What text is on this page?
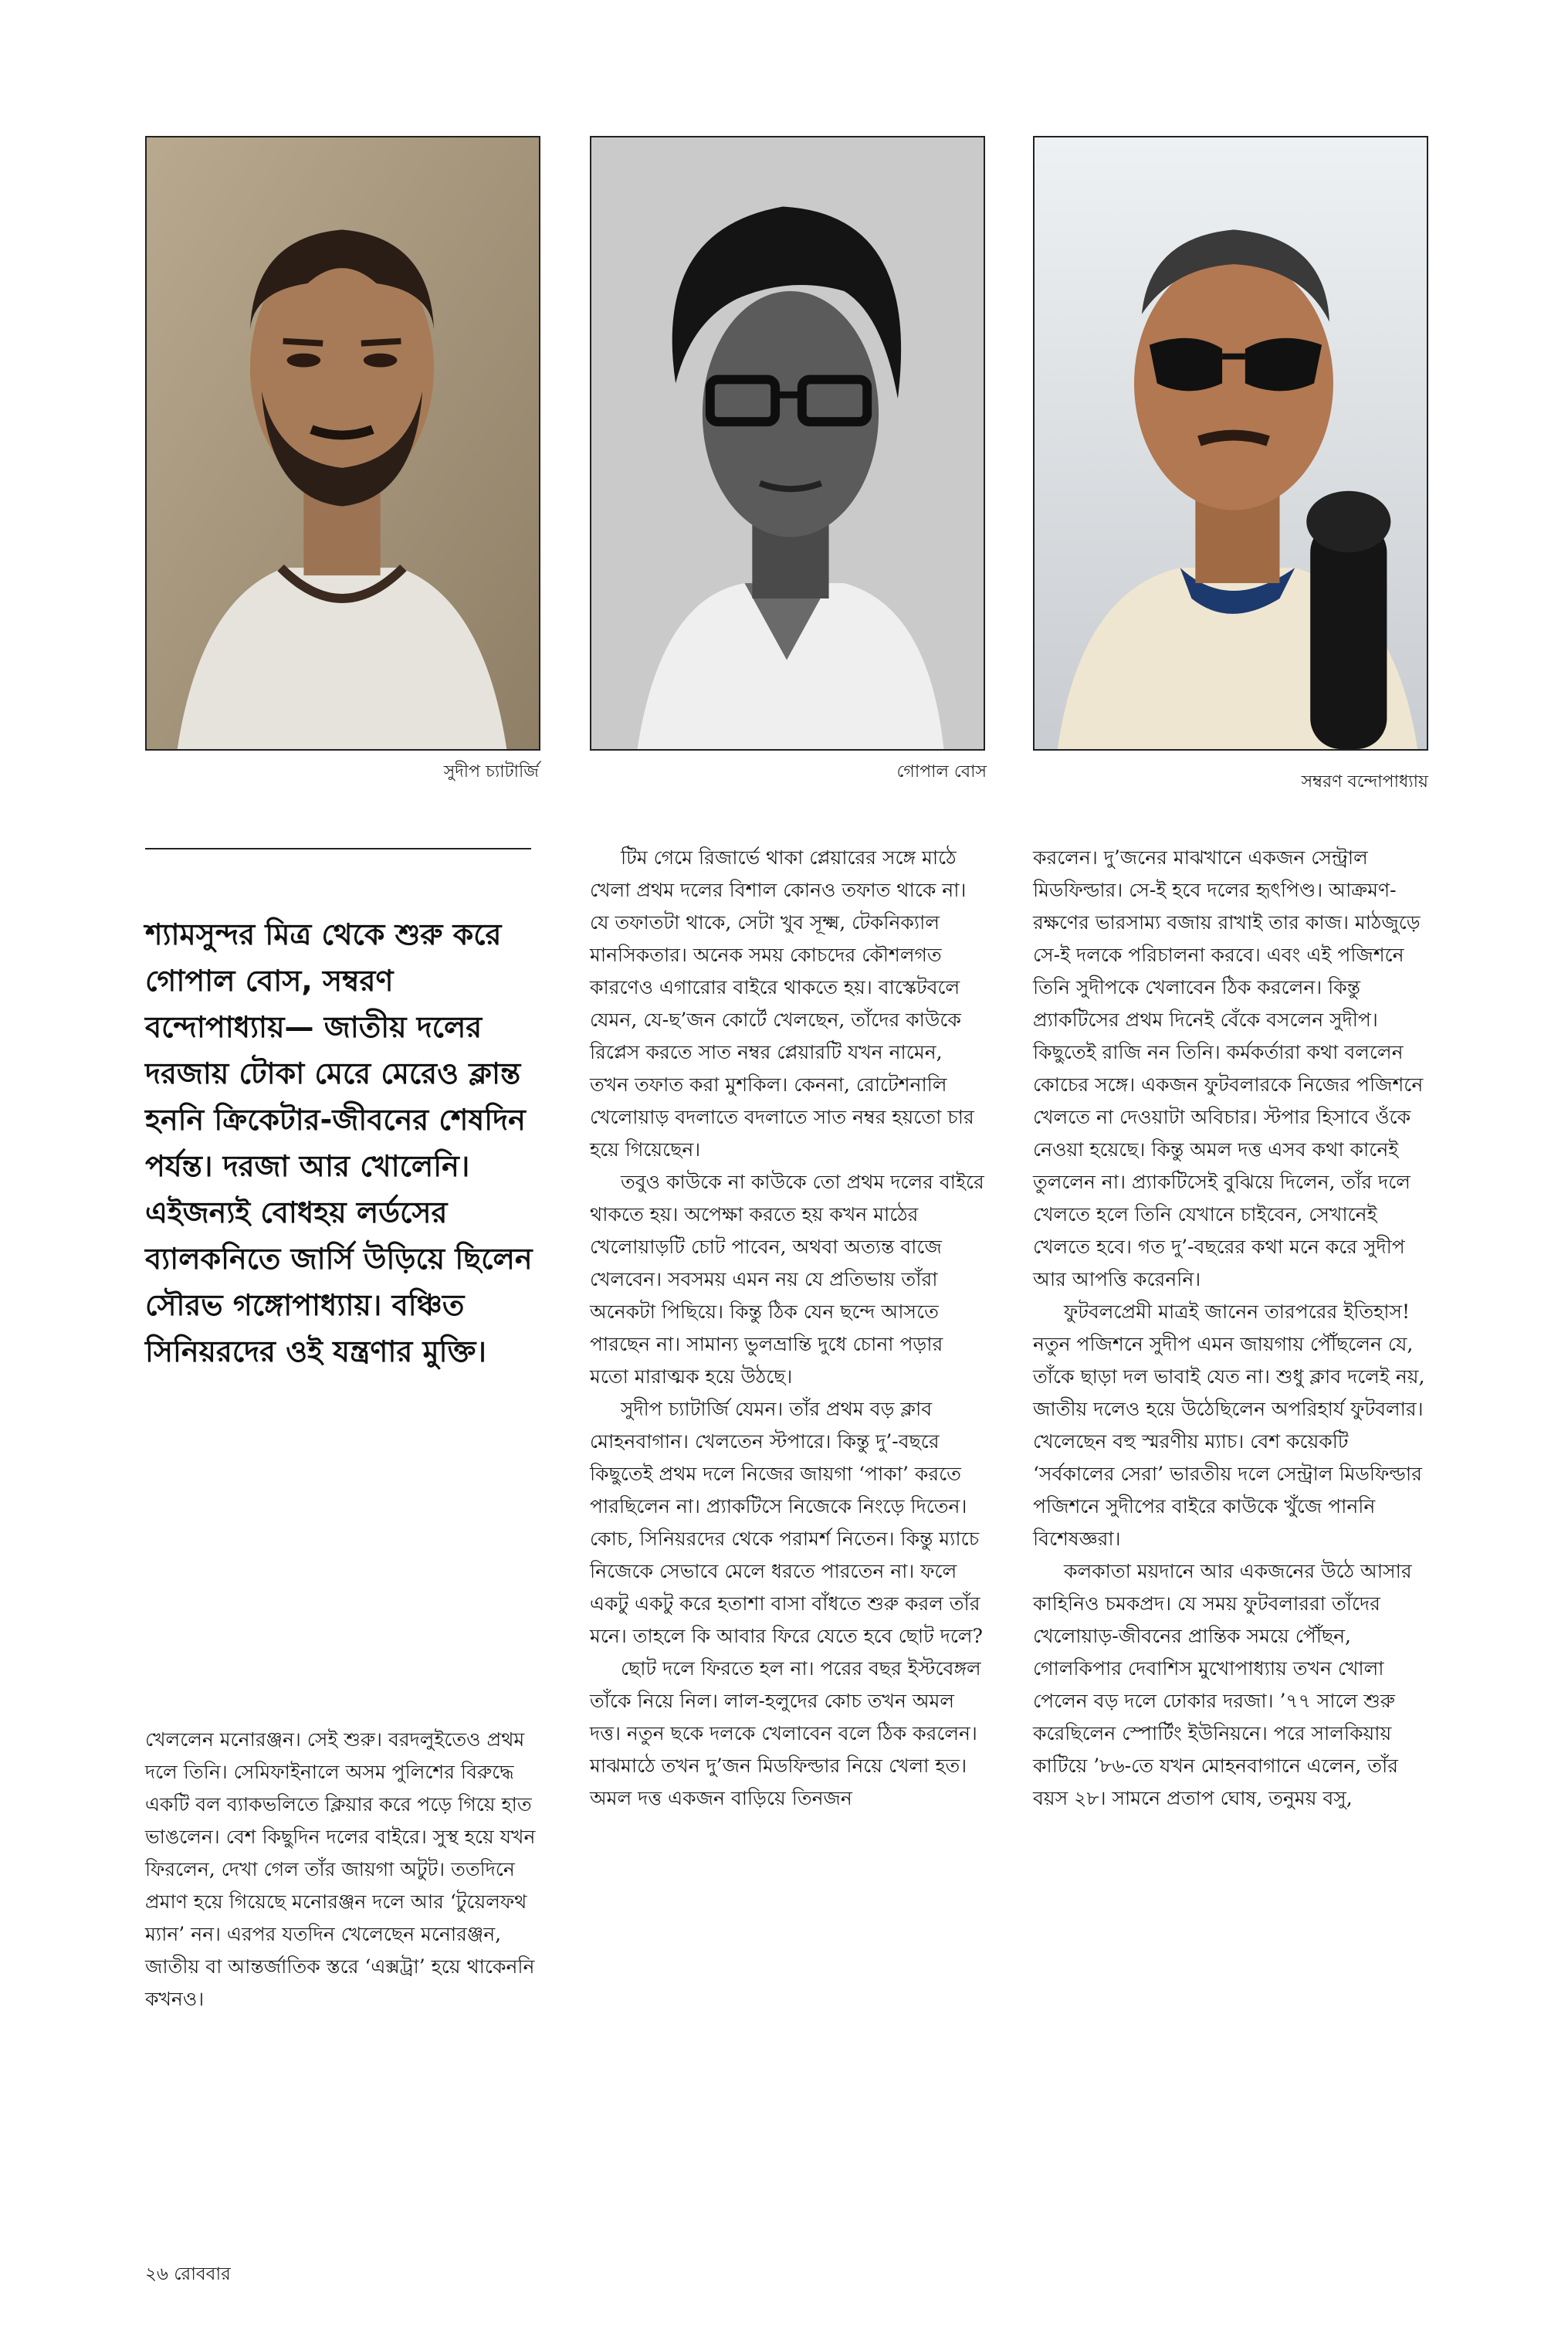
সুদীপ চ্যাটার্জি	গোপাল বোস
সম্বরণ বন্দোপাধ্যায়

শ্যামসুন্দর মিত্র থেকে শুরু করে গোপাল বোস, সম্বরণ বন্দোপাধ্যায়— জাতীয় দলের দরজায় টোকা মেরে মেরেও ক্লান্ত হননি ক্রিকেটার-জীবনের শেষদিন পর্যন্ত। দরজা আর খোলেনি। এইজন্যই বোধহয় লর্ডসের ব্যালকনিতে জার্সি উড়িয়ে ছিলেন সৌরভ গঙ্গোপাধ্যায়। বঞ্চিত সিনিয়রদের ওই যন্ত্রণার মুক্তি।

খেললেন মনোরঞ্জন। সেই শুরু। বরদলুইতেও প্রথম দলে তিনি। সেমিফাইনালে অসম পুলিশের বিরুদ্ধে একটি বল ব্যাকভলিতে ক্লিয়ার করে পড়ে গিয়ে হাত ভাঙলেন। বেশ কিছুদিন দলের বাইরে। সুস্থ হয়ে যখন ফিরলেন, দেখা গেল তাঁর জায়গা অটুট। ততদিনে প্রমাণ হয়ে গিয়েছে মনোরঞ্জন দলে আর ‘টুয়েলফথ ম্যান’ নন। এরপর যতদিন খেলেছেন মনোরঞ্জন, জাতীয় বা আন্তর্জাতিক স্তরে ‘এক্সট্রা’ হয়ে থাকেননি কখনও।

টিম গেমে রিজার্ভে থাকা প্লেয়ারের সঙ্গে মাঠে খেলা প্রথম দলের বিশাল কোনও তফাত থাকে না। যে তফাতটা থাকে, সেটা খুব সূক্ষ্ম, টেকনিক্যাল মানসিকতার। অনেক সময় কোচদের কৌশলগত কারণেও এগারোর বাইরে থাকতে হয়। বাস্কেটবলে যেমন, যে-ছ’জন কোর্টে খেলছেন, তাঁদের কাউকে রিপ্লেস করতে সাত নম্বর প্লেয়ারটি যখন নামেন, তখন তফাত করা মুশকিল। কেননা, রোটেশনালি খেলোয়াড় বদলাতে বদলাতে সাত নম্বর হয়তো চার হয়ে গিয়েছেন।

তবুও কাউকে না কাউকে তো প্রথম দলের বাইরে থাকতে হয়। অপেক্ষা করতে হয় কখন মাঠের খেলোয়াড়টি চোট পাবেন, অথবা অত্যন্ত বাজে খেলবেন। সবসময় এমন নয় যে প্রতিভায় তাঁরা অনেকটা পিছিয়ে। কিন্তু ঠিক যেন ছন্দে আসতে পারছেন না। সামান্য ভুলভ্রান্তি দুধে চোনা পড়ার মতো মারাত্মক হয়ে উঠছে।

সুদীপ চ্যাটার্জি যেমন। তাঁর প্রথম বড় ক্লাব মোহনবাগান। খেলতেন স্টপারে। কিন্তু দু’-বছরে কিছুতেই প্রথম দলে নিজের জায়গা ‘পাকা’ করতে পারছিলেন না। প্র্যাকটিসে নিজেকে নিংড়ে দিতেন। কোচ, সিনিয়রদের থেকে পরামর্শ নিতেন। কিন্তু ম্যাচে নিজেকে সেভাবে মেলে ধরতে পারতেন না। ফলে একটু একটু করে হতাশা বাসা বাঁধতে শুরু করল তাঁর মনে। তাহলে কি আবার ফিরে যেতে হবে ছোট দলে?

ছোট দলে ফিরতে হল না। পরের বছর ইস্টবেঙ্গল তাঁকে নিয়ে নিল। লাল-হলুদের কোচ তখন অমল দত্ত। নতুন ছকে দলকে খেলাবেন বলে ঠিক করলেন। মাঝমাঠে তখন দু’জন মিডফিল্ডার নিয়ে খেলা হত। অমল দত্ত একজন বাড়িয়ে তিনজন

করলেন। দু’জনের মাঝখানে একজন সেন্ট্রাল মিডফিল্ডার। সে-ই হবে দলের হৃৎপিণ্ড। আক্রমণ-রক্ষণের ভারসাম্য বজায় রাখাই তার কাজ। মাঠজুড়ে সে-ই দলকে পরিচালনা করবে। এবং এই পজিশনে তিনি সুদীপকে খেলাবেন ঠিক করলেন। কিন্তু প্র্যাকটিসের প্রথম দিনেই বেঁকে বসলেন সুদীপ। কিছুতেই রাজি নন তিনি। কর্মকর্তারা কথা বললেন কোচের সঙ্গে। একজন ফুটবলারকে নিজের পজিশনে খেলতে না দেওয়াটা অবিচার। স্টপার হিসাবে ওঁকে নেওয়া হয়েছে। কিন্তু অমল দত্ত এসব কথা কানেই তুললেন না। প্র্যাকটিসেই বুঝিয়ে দিলেন, তাঁর দলে খেলতে হলে তিনি যেখানে চাইবেন, সেখানেই খেলতে হবে। গত দু’-বছরের কথা মনে করে সুদীপ আর আপত্তি করেননি।

ফুটবলপ্রেমী মাত্রই জানেন তারপরের ইতিহাস! নতুন পজিশনে সুদীপ এমন জায়গায় পৌঁছলেন যে, তাঁকে ছাড়া দল ভাবাই যেত না। শুধু ক্লাব দলেই নয়, জাতীয় দলেও হয়ে উঠেছিলেন অপরিহার্য ফুটবলার। খেলেছেন বহু স্মরণীয় ম্যাচ। বেশ কয়েকটি ‘সর্বকালের সেরা’ ভারতীয় দলে সেন্ট্রাল মিডফিল্ডার পজিশনে সুদীপের বাইরে কাউকে খুঁজে পাননি বিশেষজ্ঞরা।

কলকাতা ময়দানে আর একজনের উঠে আসার কাহিনিও চমকপ্রদ। যে সময় ফুটবলাররা তাঁদের খেলোয়াড়-জীবনের প্রান্তিক সময়ে পৌঁছন, গোলকিপার দেবাশিস মুখোপাধ্যায় তখন খোলা পেলেন বড় দলে ঢোকার দরজা। ’৭৭ সালে শুরু করেছিলেন স্পোর্টিং ইউনিয়নে। পরে সালকিয়ায় কাটিয়ে ’৮৬-তে যখন মোহনবাগানে এলেন, তাঁর বয়স ২৮। সামনে প্রতাপ ঘোষ, তনুময় বসু,

২৬ রোববার
